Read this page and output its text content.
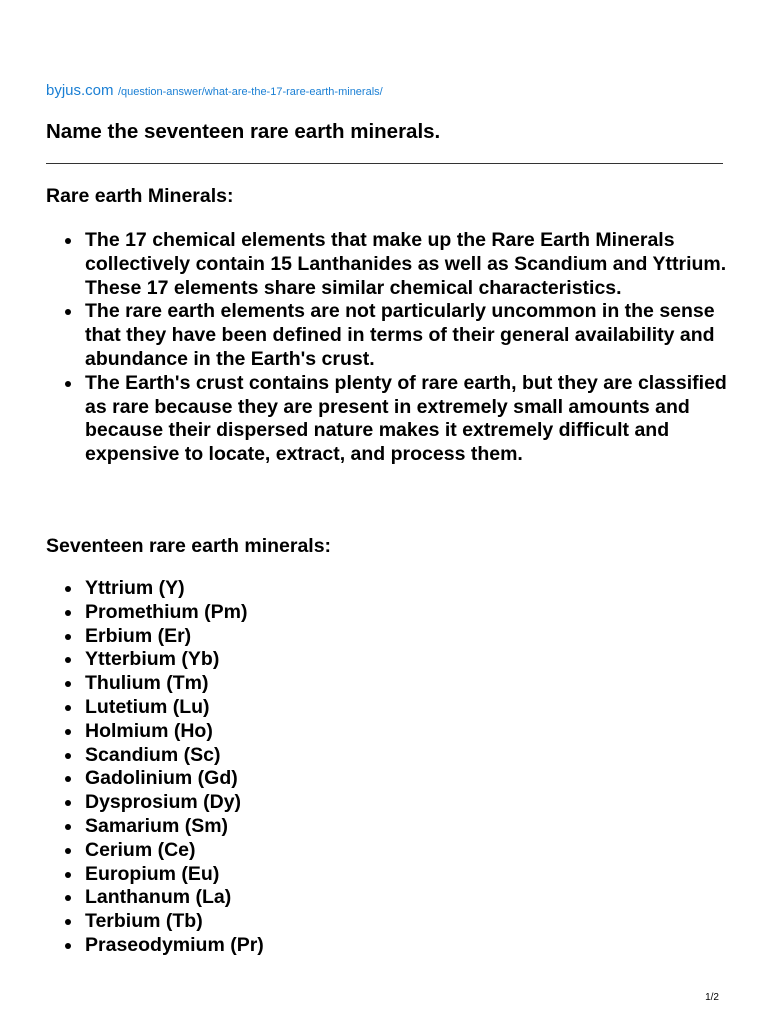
byjus.com /question-answer/what-are-the-17-rare-earth-minerals/
Name the seventeen rare earth minerals.
Rare earth Minerals:
The 17 chemical elements that make up the Rare Earth Minerals collectively contain 15 Lanthanides as well as Scandium and Yttrium. These 17 elements share similar chemical characteristics.
The rare earth elements are not particularly uncommon in the sense that they have been defined in terms of their general availability and abundance in the Earth's crust.
The Earth's crust contains plenty of rare earth, but they are classified as rare because they are present in extremely small amounts and because their dispersed nature makes it extremely difficult and expensive to locate, extract, and process them.
Seventeen rare earth minerals:
Yttrium (Y)
Promethium (Pm)
Erbium (Er)
Ytterbium (Yb)
Thulium (Tm)
Lutetium (Lu)
Holmium (Ho)
Scandium (Sc)
Gadolinium (Gd)
Dysprosium (Dy)
Samarium (Sm)
Cerium (Ce)
Europium (Eu)
Lanthanum (La)
Terbium (Tb)
Praseodymium (Pr)
1/2
